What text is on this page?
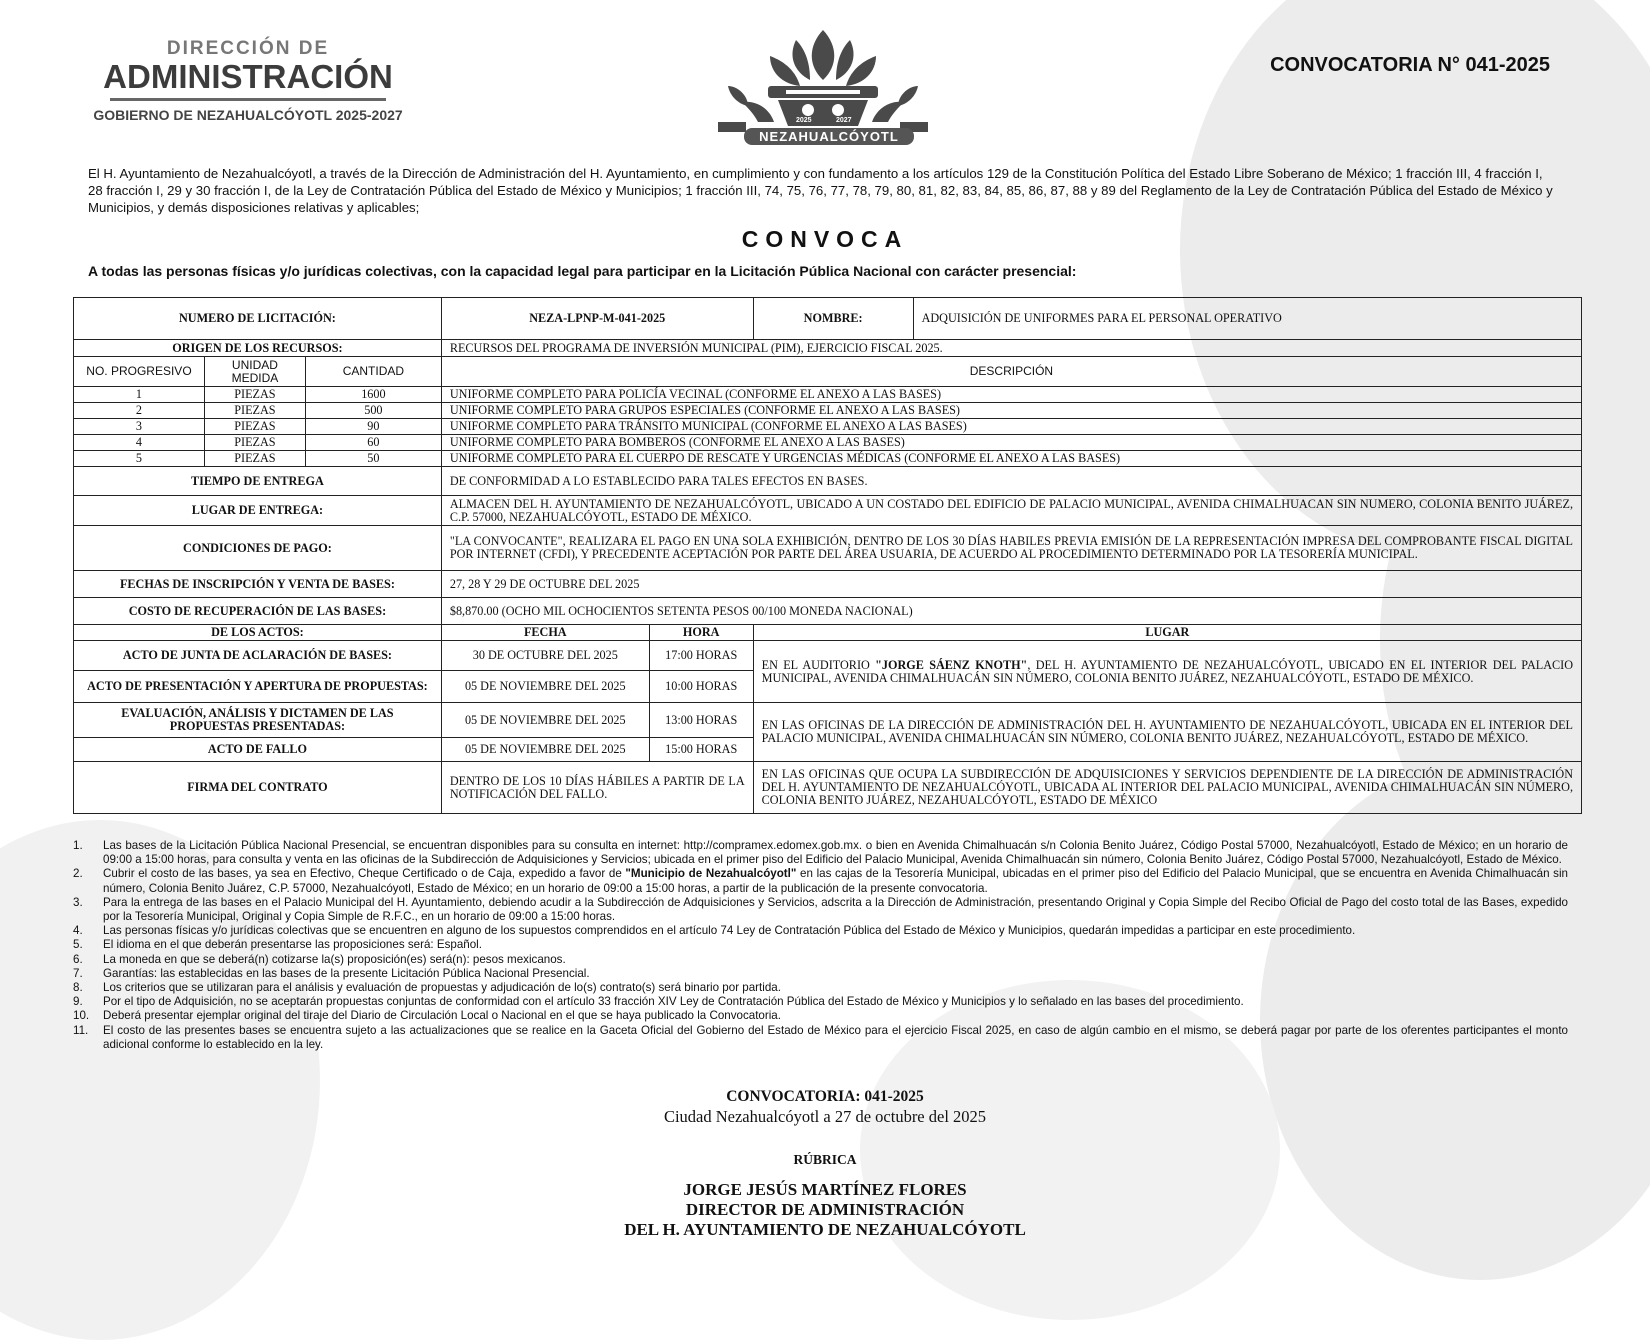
DIRECCIÓN DE
ADMINISTRACIÓN
GOBIERNO DE NEZAHUALCÓYOTL 2025-2027	2025	2027
NEZAHUALCÓYOTL
CONVOCATORIA N° 041-2025
El H. Ayuntamiento de Nezahualcóyotl, a través de la Dirección de Administración del H. Ayuntamiento, en cumplimiento y con fundamento a los artículos 129 de la Constitución Política del Estado Libre Soberano de México; 1 fracción III, 4 fracción I, 28 fracción I, 29 y 30 fracción I, de la Ley de Contratación Pública del Estado de México y Municipios; 1 fracción III, 74, 75, 76, 77, 78, 79, 80, 81, 82, 83, 84, 85, 86, 87, 88 y 89 del Reglamento de la Ley de Contratación Pública del Estado de México y Municipios, y demás disposiciones relativas y aplicables;
CONVOCA
A todas las personas físicas y/o jurídicas colectivas, con la capacidad legal para participar en la Licitación Pública Nacional con carácter presencial:
NUMERO DE LICITACIÓN:			NEZA-LPNP-M-041-2025		NOMBRE:	ADQUISICIÓN DE UNIFORMES PARA EL PERSONAL OPERATIVO
ORIGEN DE LOS RECURSOS:			RECURSOS DEL PROGRAMA DE INVERSIÓN MUNICIPAL (PIM), EJERCICIO FISCAL 2025.			
NO. PROGRESIVO	UNIDAD MEDIDA	CANTIDAD	DESCRIPCIÓN			
1	PIEZAS	1600	UNIFORME COMPLETO PARA POLICÍA VECINAL (CONFORME EL ANEXO A LAS BASES)			
2	PIEZAS	500	UNIFORME COMPLETO PARA GRUPOS ESPECIALES (CONFORME EL ANEXO A LAS BASES)			
3	PIEZAS	90	UNIFORME COMPLETO PARA TRÁNSITO MUNICIPAL (CONFORME EL ANEXO A LAS BASES)			
4	PIEZAS	60	UNIFORME COMPLETO PARA BOMBEROS (CONFORME EL ANEXO A LAS BASES)			
5	PIEZAS	50	UNIFORME COMPLETO PARA EL CUERPO DE RESCATE Y URGENCIAS MÉDICAS (CONFORME EL ANEXO A LAS BASES)			
TIEMPO DE ENTREGA			DE CONFORMIDAD A LO ESTABLECIDO PARA TALES EFECTOS EN BASES.			
LUGAR DE ENTREGA:			ALMACEN DEL H. AYUNTAMIENTO DE NEZAHUALCÓYOTL, UBICADO A UN COSTADO DEL EDIFICIO DE PALACIO MUNICIPAL, AVENIDA CHIMALHUACAN SIN NUMERO, COLONIA BENITO JUÁREZ, C.P. 57000, NEZAHUALCÓYOTL, ESTADO DE MÉXICO.			
CONDICIONES DE PAGO:			"LA CONVOCANTE", REALIZARA EL PAGO EN UNA SOLA EXHIBICIÓN, DENTRO DE LOS 30 DÍAS HABILES PREVIA EMISIÓN DE LA REPRESENTACIÓN IMPRESA DEL COMPROBANTE FISCAL DIGITAL POR INTERNET (CFDI), Y PRECEDENTE ACEPTACIÓN POR PARTE DEL ÁREA USUARIA, DE ACUERDO AL PROCEDIMIENTO DETERMINADO POR LA TESORERÍA MUNICIPAL.			
FECHAS DE INSCRIPCIÓN Y VENTA DE BASES:			27, 28 Y 29 DE OCTUBRE DEL 2025			
COSTO DE RECUPERACIÓN DE LAS BASES:			$8,870.00 (OCHO MIL OCHOCIENTOS SETENTA PESOS 00/100 MONEDA NACIONAL)			
DE LOS ACTOS:			FECHA	HORA	LUGAR	
ACTO DE JUNTA DE ACLARACIÓN DE BASES:			30 DE OCTUBRE DEL 2025	17:00 HORAS	EN EL AUDITORIO "JORGE SÁENZ KNOTH", DEL H. AYUNTAMIENTO DE NEZAHUALCÓYOTL, UBICADO EN EL INTERIOR DEL PALACIO MUNICIPAL, AVENIDA CHIMALHUACÁN SIN NÚMERO, COLONIA BENITO JUÁREZ, NEZAHUALCÓYOTL, ESTADO DE MÉXICO.	
ACTO DE PRESENTACIÓN Y APERTURA DE PROPUESTAS:			05 DE NOVIEMBRE DEL 2025	10:00 HORAS		
EVALUACIÓN, ANÁLISIS Y DICTAMEN DE LAS PROPUESTAS PRESENTADAS:			05 DE NOVIEMBRE DEL 2025	13:00 HORAS	EN LAS OFICINAS DE LA DIRECCIÓN DE ADMINISTRACIÓN DEL H. AYUNTAMIENTO DE NEZAHUALCÓYOTL, UBICADA EN EL INTERIOR DEL PALACIO MUNICIPAL, AVENIDA CHIMALHUACÁN SIN NÚMERO, COLONIA BENITO JUÁREZ, NEZAHUALCÓYOTL, ESTADO DE MÉXICO.	
ACTO DE FALLO			05 DE NOVIEMBRE DEL 2025	15:00 HORAS		
FIRMA DEL CONTRATO			DENTRO DE LOS 10 DÍAS HÁBILES A PARTIR DE LA NOTIFICACIÓN DEL FALLO.		EN LAS OFICINAS QUE OCUPA LA SUBDIRECCIÓN DE ADQUISICIONES Y SERVICIOS DEPENDIENTE DE LA DIRECCIÓN DE ADMINISTRACIÓN DEL H. AYUNTAMIENTO DE NEZAHUALCÓYOTL, UBICADA AL INTERIOR DEL PALACIO MUNICIPAL, AVENIDA CHIMALHUACÁN SIN NÚMERO, COLONIA BENITO JUÁREZ, NEZAHUALCÓYOTL, ESTADO DE MÉXICO	
1.	Las bases de la Licitación Pública Nacional Presencial, se encuentran disponibles para su consulta en internet: http://compramex.edomex.gob.mx. o bien en Avenida Chimalhuacán s/n Colonia Benito Juárez, Código Postal 57000, Nezahualcóyotl, Estado de México; en un horario de 09:00 a 15:00 horas, para consulta y venta en las oficinas de la Subdirección de Adquisiciones y Servicios; ubicada en el primer piso del Edificio del Palacio Municipal, Avenida Chimalhuacán sin número, Colonia Benito Juárez, Código Postal 57000, Nezahualcóyotl, Estado de México.
2.	Cubrir el costo de las bases, ya sea en Efectivo, Cheque Certificado o de Caja, expedido a favor de "Municipio de Nezahualcóyotl" en las cajas de la Tesorería Municipal, ubicadas en el primer piso del Edificio del Palacio Municipal, que se encuentra en Avenida Chimalhuacán sin número, Colonia Benito Juárez, C.P. 57000, Nezahualcóyotl, Estado de México; en un horario de 09:00 a 15:00 horas, a partir de la publicación de la presente convocatoria.
3.	Para la entrega de las bases en el Palacio Municipal del H. Ayuntamiento, debiendo acudir a la Subdirección de Adquisiciones y Servicios, adscrita a la Dirección de Administración, presentando Original y Copia Simple del Recibo Oficial de Pago del costo total de las Bases, expedido por la Tesorería Municipal, Original y Copia Simple de R.F.C., en un horario de 09:00 a 15:00 horas.
4.	Las personas físicas y/o jurídicas colectivas que se encuentren en alguno de los supuestos comprendidos en el artículo 74 Ley de Contratación Pública del Estado de México y Municipios, quedarán impedidas a participar en este procedimiento.
5.	El idioma en el que deberán presentarse las proposiciones será: Español.
6.	La moneda en que se deberá(n) cotizarse la(s) proposición(es) será(n): pesos mexicanos.
7.	Garantías: las establecidas en las bases de la presente Licitación Pública Nacional Presencial.
8.	Los criterios que se utilizaran para el análisis y evaluación de propuestas y adjudicación de lo(s) contrato(s) será binario por partida.
9.	Por el tipo de Adquisición, no se aceptarán propuestas conjuntas de conformidad con el artículo 33 fracción XIV Ley de Contratación Pública del Estado de México y Municipios y lo señalado en las bases del procedimiento.
10.	Deberá presentar ejemplar original del tiraje del Diario de Circulación Local o Nacional en el que se haya publicado la Convocatoria.
11.	El costo de las presentes bases se encuentra sujeto a las actualizaciones que se realice en la Gaceta Oficial del Gobierno del Estado de México para el ejercicio Fiscal 2025, en caso de algún cambio en el mismo, se deberá pagar por parte de los oferentes participantes el monto adicional conforme lo establecido en la ley.
CONVOCATORIA: 041-2025
Ciudad Nezahualcóyotl a 27 de octubre del 2025
RÚBRICA
JORGE JESÚS MARTÍNEZ FLORES
DIRECTOR DE ADMINISTRACIÓN
DEL H. AYUNTAMIENTO DE NEZAHUALCÓYOTL
